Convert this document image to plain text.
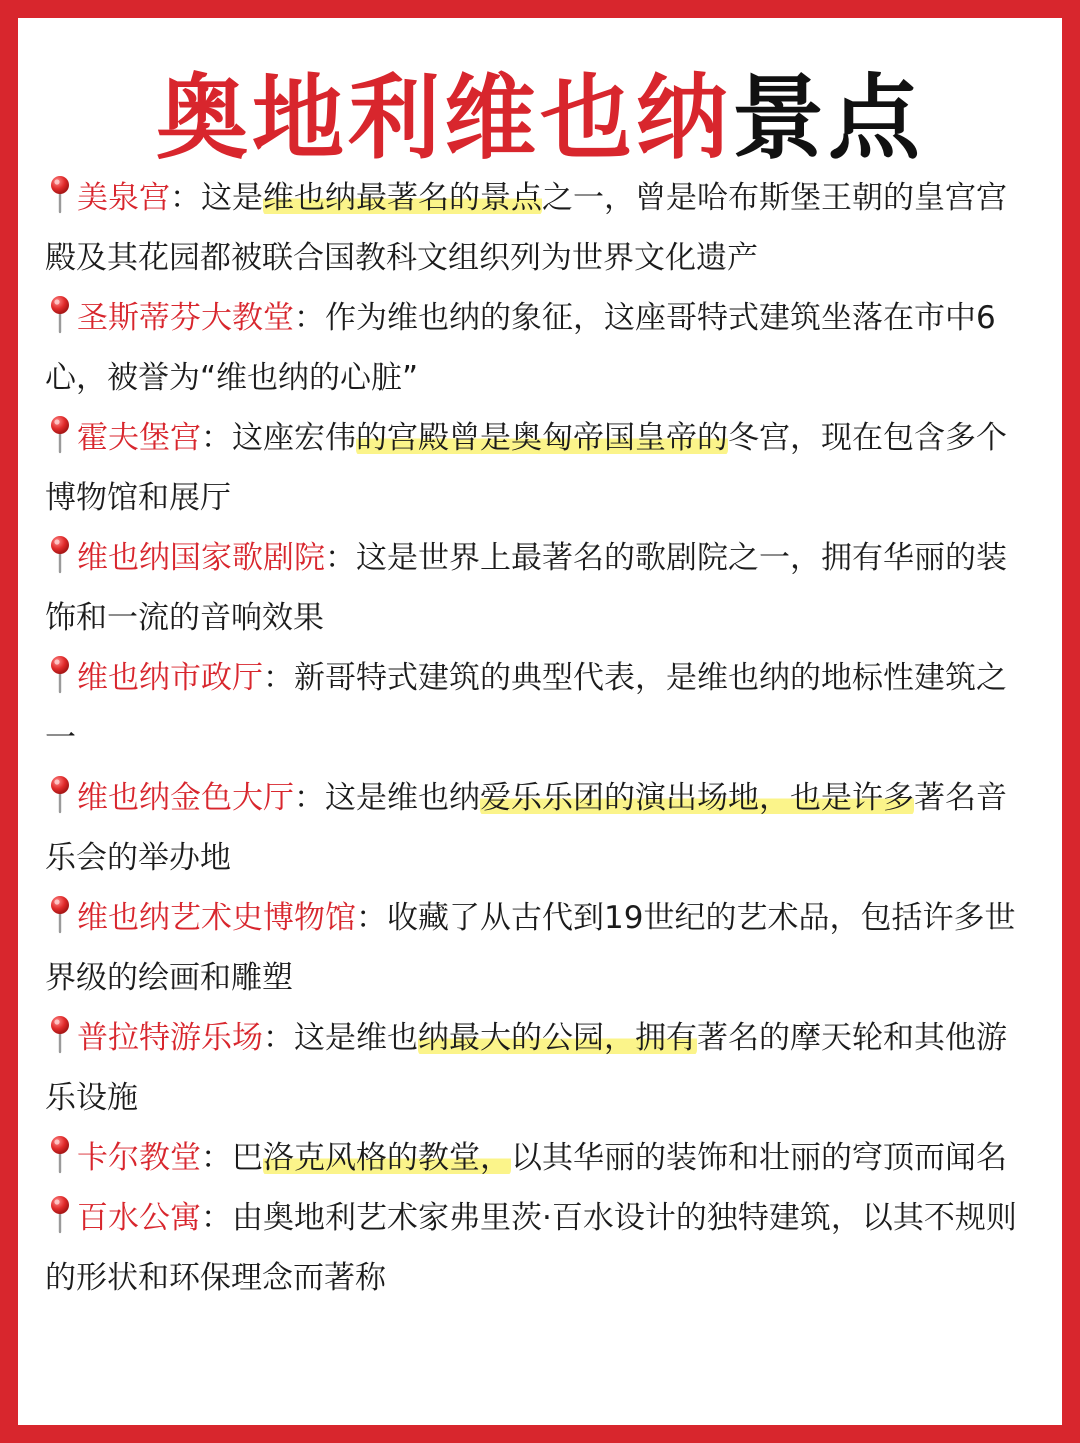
奥地利维也纳景点

美泉宫：这是维也纳最著名的景点之一，曾是哈布斯堡王朝的皇宫宫殿及其花园都被联合国教科文组织列为世界文化遗产

圣斯蒂芬大教堂：作为维也纳的象征，这座哥特式建筑坐落在市中6心，被誉为“维也纳的心脏”

霍夫堡宫：这座宏伟的宫殿曾是奥匈帝国皇帝的冬宫，现在包含多个博物馆和展厅

维也纳国家歌剧院：这是世界上最著名的歌剧院之一，拥有华丽的装饰和一流的音响效果

维也纳市政厅：新哥特式建筑的典型代表，是维也纳的地标性建筑之一

维也纳金色大厅：这是维也纳爱乐乐团的演出场地，也是许多著名音乐会的举办地

维也纳艺术史博物馆：收藏了从古代到19世纪的艺术品，包括许多世界级的绘画和雕塑

普拉特游乐场：这是维也纳最大的公园，拥有著名的摩天轮和其他游乐设施

卡尔教堂：巴洛克风格的教堂，以其华丽的装饰和壮丽的穹顶而闻名

百水公寓：由奥地利艺术家弗里茨·百水设计的独特建筑，以其不规则的形状和环保理念而著称
